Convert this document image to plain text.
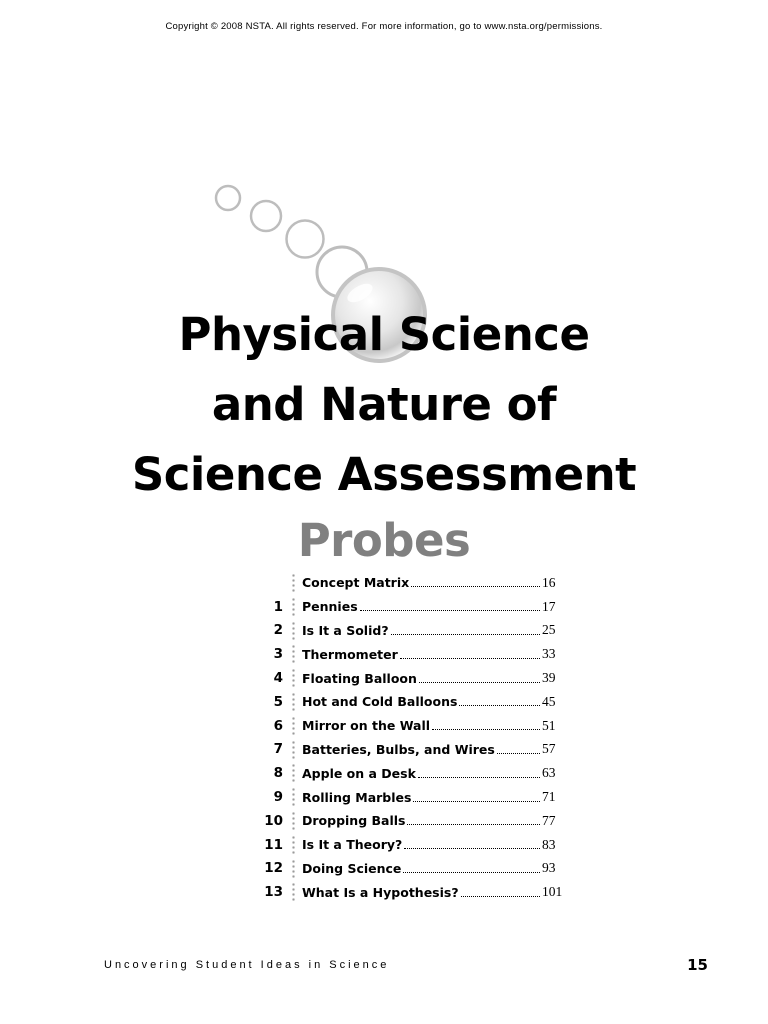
Copyright © 2008 NSTA. All rights reserved. For more information, go to www.nsta.org/permissions.
Physical Science
and Nature of
Science Assessment
Probes
Concept Matrix	16
1 Pennies	17
2 Is It a Solid?	25
3 Thermometer	33
4 Floating Balloon	39
5 Hot and Cold Balloons	45
6 Mirror on the Wall	51
7 Batteries, Bulbs, and Wires	57
8 Apple on a Desk	63
9 Rolling Marbles	71
10 Dropping Balls	77
11 Is It a Theory?	83
12 Doing Science	93
13 What Is a Hypothesis?	101
Uncovering Student Ideas in Science	15
